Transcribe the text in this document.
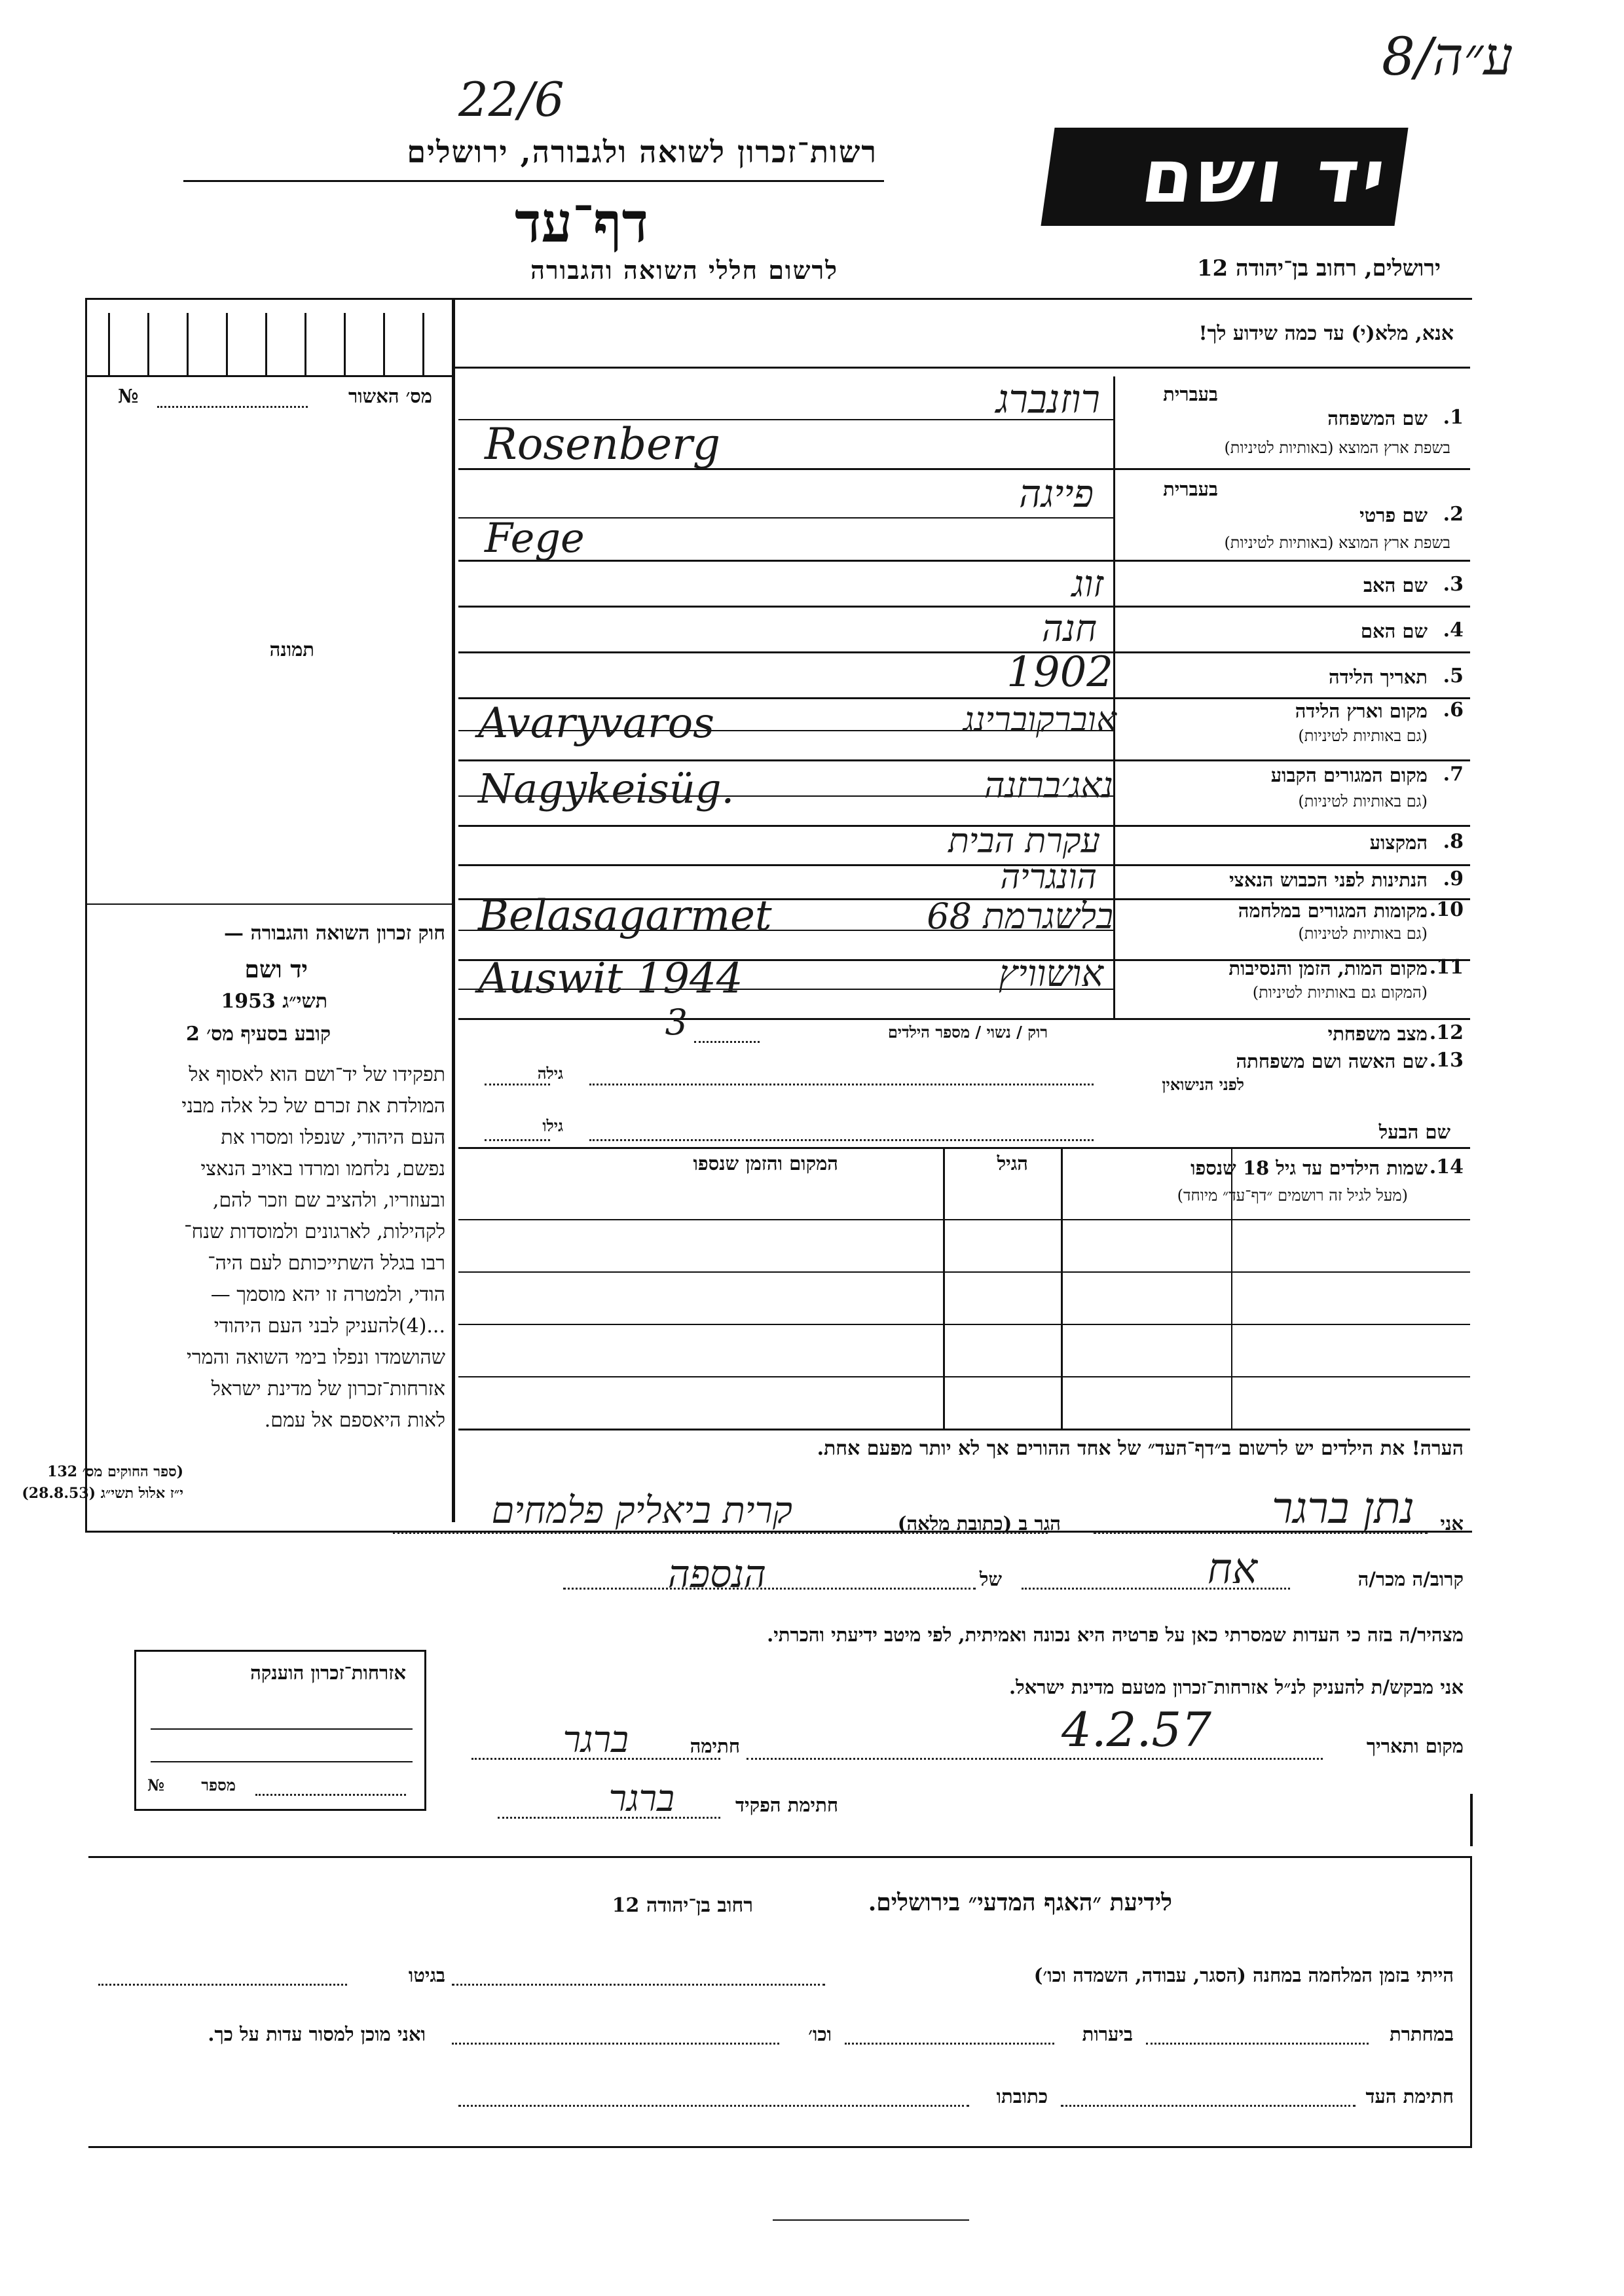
8/ע״ה
22/6
רשות־זכרון לשואה ולגבורה, ירושלים
דף־עד
לרשום חללי השואה והגבורה
יד ושם
ירושלים, רחוב בן־יהודה 12
מס׳ האשור
№
תמונה
חוק זכרון השואה והגבורה —
יד ושם
תשי״ג 1953
קובע בסעיף מס׳ 2
תפקידו של יד־ושם הוא לאסוף אל
המולדת את זכרם של כל אלה מבני
העם היהודי, שנפלו ומסרו את
נפשם, נלחמו ומרדו באויב הנאצי
ובעוזריו, ולהציב שם וזכר להם,
לקהילות, לארגונים ולמוסדות שנח־
רבו בגלל השתייכותם לעם היה־
הודי, ולמטרה זו יהא מוסמך —
...(4)להעניק לבני העם היהודי
שהושמדו ונפלו בימי השואה והמרי
אזרחות־זכרון של מדינת ישראל
לאות היאספם אל עמם.
(ספר החוקים מס׳ 132
י״ז אלול תשי״ג (28.8.53)
אנא, מלא(י) עד כמה שידוע לך!
בעברית
1.
שם המשפחה
בשפת ארץ המוצא (באותיות לטיניות)
רוזנברג
Rosenberg
בעברית
2.
שם פרטי
בשפת ארץ המוצא (באותיות לטיניות)
פייגה
Fege
3.
שם האב
זוג
4.
שם האם
חנה
5.
תאריך הלידה
1902
6.
מקום וארץ הלידה
(גם באותיות לטיניות)
אוברקוברינג
Avaryvaros
7.
מקום המגורים הקבוע
(גם באותיות לטיניות)
נאג׳ברזנה
Nagykeisüg.
8.
המקצוע
עקרת הבית
9.
הנתינות לפני הכבוש הנאצי
הונגריה
10.
מקומות המגורים במלחמה
(גם באותיות לטיניות)
בלשגרמת 68
Belasagarmet
11.
מקום המות, הזמן והנסיבות
(המקום גם באותיות לטיניות)
אושוויץ
Auswit 1944
12.
מצב משפחתי
רוק / נשוי / מספר הילדים
3
13.
שם האשה ושם משפחתה
לפני הנישואין
גילה
שם הבעל
גילו
14.
שמות הילדים עד גיל 18 שנספו
(מעל לגיל זה רושמים ״דף־עד״ מיוחד)
הגיל
המקום והזמן שנספו
הערה! את הילדים יש לרשום ב״דף־העד״ של אחד ההורים אך לא יותר מפעם אחת.
אני
נתן ברגר
הגר ב (כתובת מלאה)
קרית ביאליק פלמחים
קרוב/ה מכר/ה
אח
של
הנספה
מצהיר/ה בזה כי העדות שמסרתי כאן על פרטיה היא נכונה ואמיתית, לפי מיטב ידיעתי והכרתי.
אני מבקש/ת להעניק לנ״ל אזרחות־זכרון מטעם מדינת ישראל.
מקום ותאריך
4.2.57
חתימה
ברגר
חתימת הפקיד
ברגר
אזרחות־זכרון הוענקה
מספר
№
לידיעת ״האגף המדעי״ בירושלים.
רחוב בן־יהודה 12
הייתי בזמן המלחמה במחנה (הסגר, עבודה, השמדה וכו׳)
בגיטו
במחתרת
ביערות
וכו׳
ואני מוכן למסור עדות על כך.
חתימת העד
כתובתו
